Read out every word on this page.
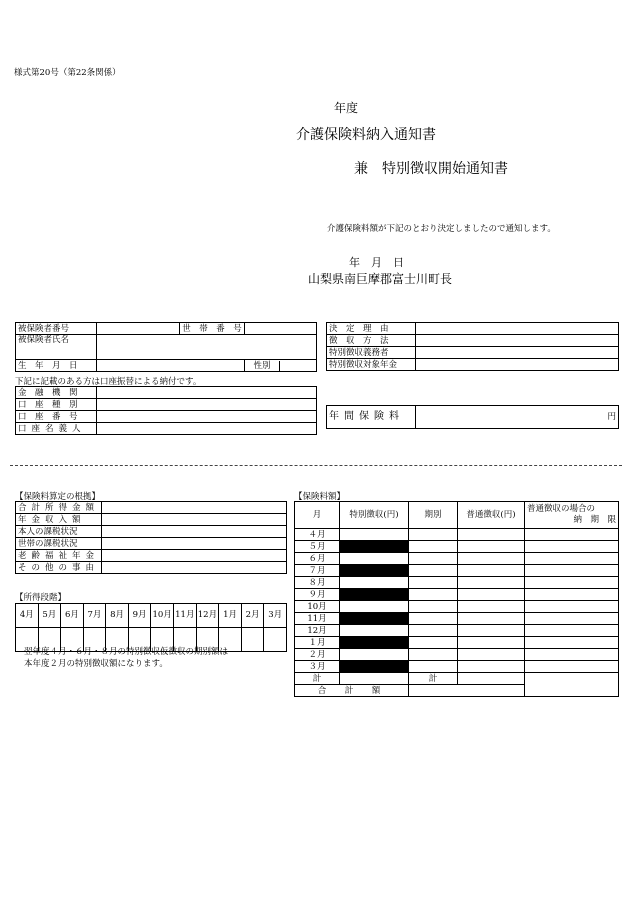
様式第20号（第22条関係）
年度
介護保険料納入通知書
兼　特別徴収開始通知書
介護保険料額が下記のとおり決定しましたので通知します。
年　月　日
山梨県南巨摩郡富士川町長
被保険者番号		世　帯　番　号	
被保険者氏名			
生　年　月　日			性別
下記に記載のある方は口座振替による納付です。
金　融　機　関	
口　座　種　別	
口　座　番　号	
口座名義人	
決　定　理　由	
徴　収　方　法	
特別徴収義務者	
特別徴収対象年金	
年間保険料	円
【保険料算定の根拠】
合計所得金額	
年金収入額	
本人の課税状況	
世帯の課税状況	
老齢福祉年金	
その他の事由	
【所得段階】
4月	5月	6月	7月	8月	9月	10月	11月	12月	1月	2月	3月

翌年度４月・６月・８月の特別徴収仮徴収の期別額は
本年度２月の特別徴収額になります。
【保険料額】
月	特別徴収(円)	期別	普通徴収(円)	普通徴収の場合の
納　期　限

４月				
５月				
６月				
７月				
８月				
９月				
10月				
11月				
12月				
１月				
２月				
３月				
計		計		
合　計　額				
